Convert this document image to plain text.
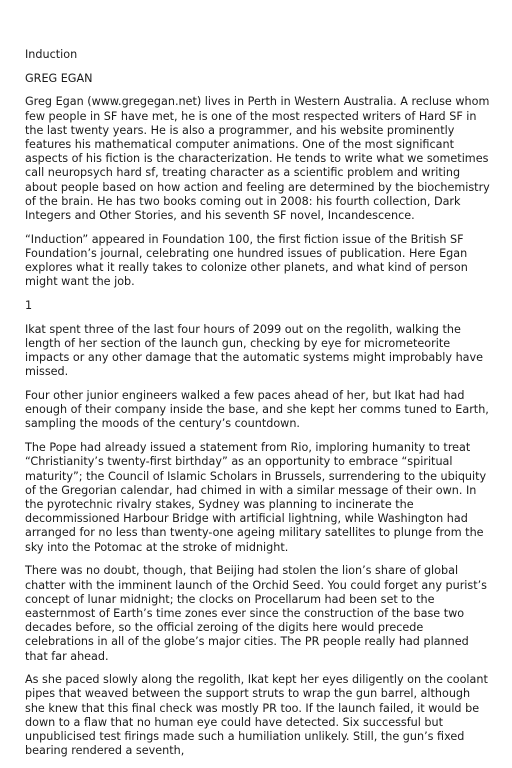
Induction

GREG EGAN

Greg Egan (www.gregegan.net) lives in Perth in Western Australia. A recluse whom few people in SF have met, he is one of the most respected writers of Hard SF in the last twenty years. He is also a programmer, and his website prominently features his mathematical computer animations. One of the most significant aspects of his fiction is the characterization. He tends to write what we sometimes call neuropsych hard sf, treating character as a scientific problem and writing about people based on how action and feeling are determined by the biochemistry of the brain. He has two books coming out in 2008: his fourth collection, Dark Integers and Other Stories, and his seventh SF novel, Incandescence.

“Induction” appeared in Foundation 100, the first fiction issue of the British SF Foundation’s journal, celebrating one hundred issues of publication. Here Egan explores what it really takes to colonize other planets, and what kind of person might want the job.

1

Ikat spent three of the last four hours of 2099 out on the regolith, walking the length of her section of the launch gun, checking by eye for micrometeorite impacts or any other damage that the automatic systems might improbably have missed.

Four other junior engineers walked a few paces ahead of her, but Ikat had had enough of their company inside the base, and she kept her comms tuned to Earth, sampling the moods of the century’s countdown.

The Pope had already issued a statement from Rio, imploring humanity to treat “Christianity’s twenty-first birthday” as an opportunity to embrace “spiritual maturity”; the Council of Islamic Scholars in Brussels, surrendering to the ubiquity of the Gregorian calendar, had chimed in with a similar message of their own. In the pyrotechnic rivalry stakes, Sydney was planning to incinerate the decommissioned Harbour Bridge with artificial lightning, while Washington had arranged for no less than twenty-one ageing military satellites to plunge from the sky into the Potomac at the stroke of midnight.

There was no doubt, though, that Beijing had stolen the lion’s share of global chatter with the imminent launch of the Orchid Seed. You could forget any purist’s concept of lunar midnight; the clocks on Procellarum had been set to the easternmost of Earth’s time zones ever since the construction of the base two decades before, so the official zeroing of the digits here would precede celebrations in all of the globe’s major cities. The PR people really had planned that far ahead.

As she paced slowly along the regolith, Ikat kept her eyes diligently on the coolant pipes that weaved between the support struts to wrap the gun barrel, although she knew that this final check was mostly PR too. If the launch failed, it would be down to a flaw that no human eye could have detected. Six successful but unpublicised test firings made such a humiliation unlikely. Still, the gun’s fixed bearing rendered a seventh,
